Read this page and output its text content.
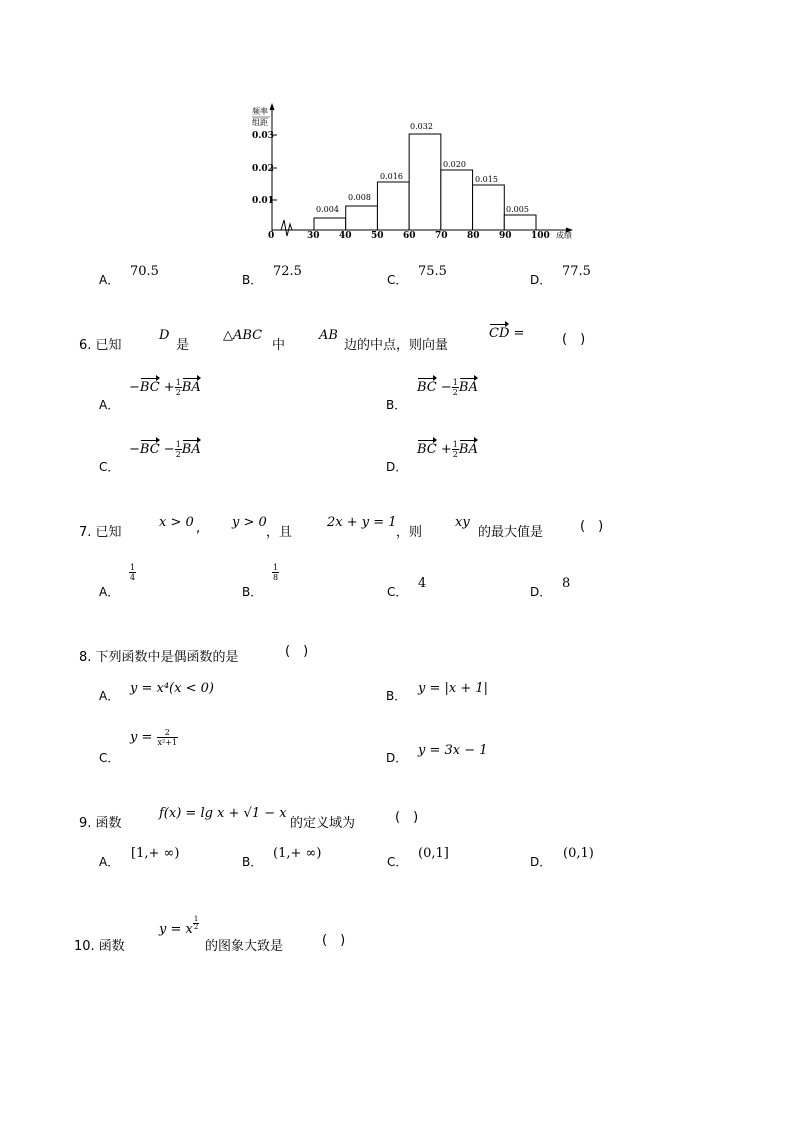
0.03
0.02
0.01
频率
组距
0	30 40 50 60 70 80 90 100 成绩
0.004
0.008
0.016
0.032
0.020
0.015
0.005
A．
70.5
B．
72.5
C．
75.5
D．
77.5
6. 已知
D
是
△ABC
中
AB
边的中点，则向量
CD =	(　)
A．
$-BC + \frac{1}{2}$ BA
B．
BC − $\frac{1}{2}$ BA
C．
$-BC - \frac{1}{2}$ BA
D．
BC + $\frac{1}{2}$ BA
7. 已知
x > 0 , y > 0
，且
2x + y = 1
，则
xy
的最大值是	(　)
A．
$\frac{1}{4}$
B．
$\frac{1}{8}$
C．
4
D．
8
8. 下列函数中是偶函数的是	(　)
A． y = x⁴(x < 0)	B． y = |x + 1|
C．
$y = \frac{2}{\text{x²+1}}$
D． y = 3x − 1
9. 函数
f(x) = lg x + √1 − x
的定义域为	(　)
A．
[1,+ ∞)
B．
(1,+ ∞)
C．
(0,1]
D．
(0,1)
10. 函数
y = x $\frac{1}{2}$
的图象大致是	(　)
